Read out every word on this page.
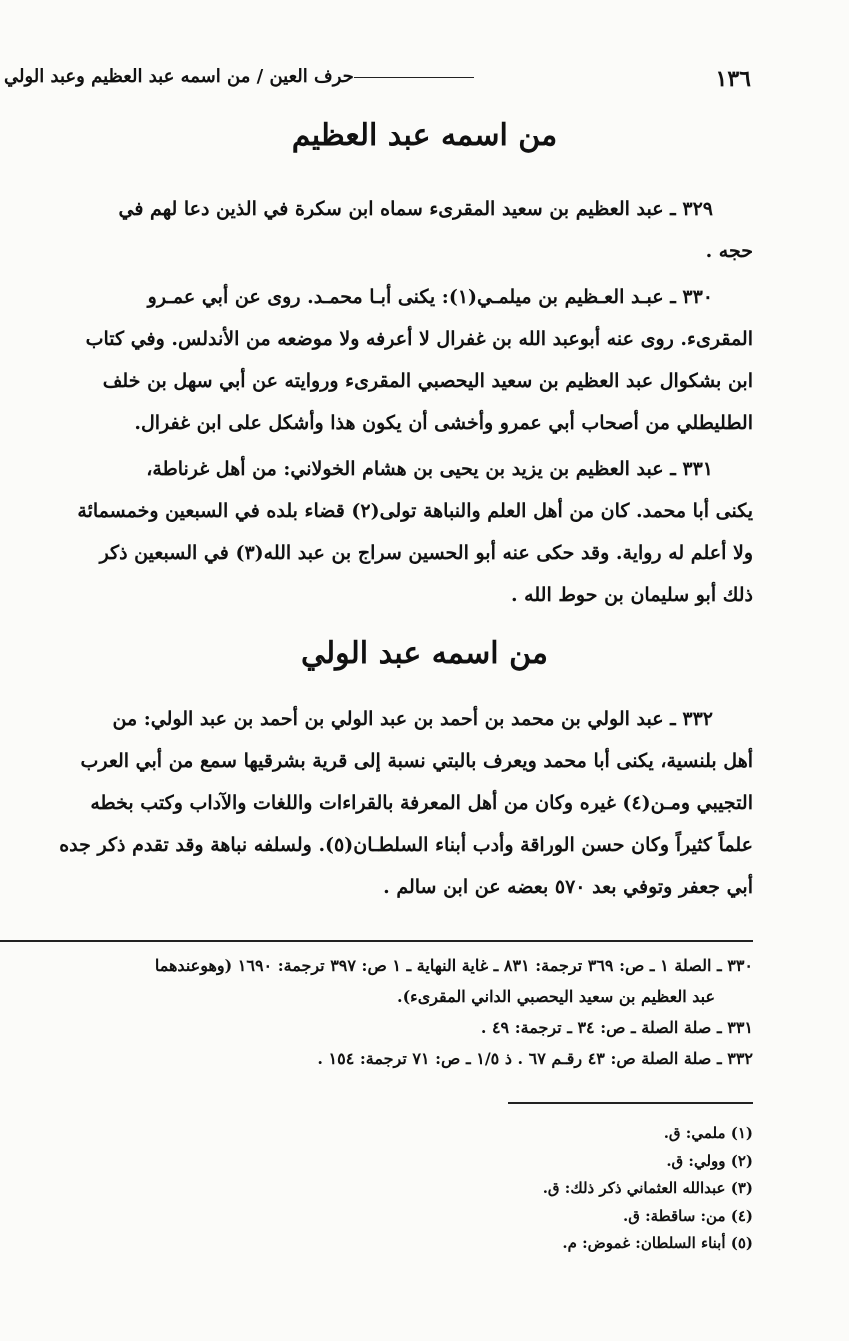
١٣٦
حرف العين / من اسمه عبد العظيم وعبد الولي
من اسمه عبد العظيم
٣٢٩ ـ عبد العظيم بن سعيد المقرىء سماه ابن سكرة في الذين دعا لهم في
حجه .
٣٣٠ ـ عبـد العـظيم بن ميلمـي(١): يكنى أبـا محمـد. روى عن أبي عمـرو
المقرىء. روى عنه أبوعبد الله بن غفرال لا أعرفه ولا موضعه من الأندلس. وفي كتاب
ابن بشكوال عبد العظيم بن سعيد اليحصبي المقرىء وروايته عن أبي سهل بن خلف
الطليطلي من أصحاب أبي عمرو وأخشى أن يكون هذا وأشكل على ابن غفرال.
٣٣١ ـ عبد العظيم بن يزيد بن يحيى بن هشام الخولاني: من أهل غرناطة،
يكنى أبا محمد. كان من أهل العلم والنباهة تولى(٢) قضاء بلده في السبعين وخمسمائة
ولا أعلم له رواية. وقد حكى عنه أبو الحسين سراج بن عبد الله(٣) في السبعين ذكر
ذلك أبو سليمان بن حوط الله .
من اسمه عبد الولي
٣٣٢ ـ عبد الولي بن محمد بن أحمد بن عبد الولي بن أحمد بن عبد الولي: من
أهل بلنسية، يكنى أبا محمد ويعرف بالبتي نسبة إلى قرية بشرقيها سمع من أبي العرب
التجيبي ومـن(٤) غيره وكان من أهل المعرفة بالقراءات واللغات والآداب وكتب بخطه
علماً كثيراً وكان حسن الوراقة وأدب أبناء السلطـان(٥). ولسلفه نباهة وقد تقدم ذكر جده
أبي جعفر وتوفي بعد ٥٧٠ بعضه عن ابن سالم .
٣٣٠ ـ الصلة ١ ـ ص: ٣٦٩ ترجمة: ٨٣١ ـ غاية النهاية ـ ١ ص: ٣٩٧ ترجمة: ١٦٩٠ (وهوعندهما
عبد العظيم بن سعيد اليحصبي الداني المقرىء).
٣٣١ ـ صلة الصلة ـ ص: ٣٤ ـ ترجمة: ٤٩ .
٣٣٢ ـ صلة الصلة ص: ٤٣ رقـم ٦٧ . ذ ١/٥ ـ ص: ٧١ ترجمة: ١٥٤ .
(١) ملمي: ق.
(٢) وولي: ق.
(٣) عبدالله العثماني ذكر ذلك: ق.
(٤) من: ساقطة: ق.
(٥) أبناء السلطان: غموض: م.
